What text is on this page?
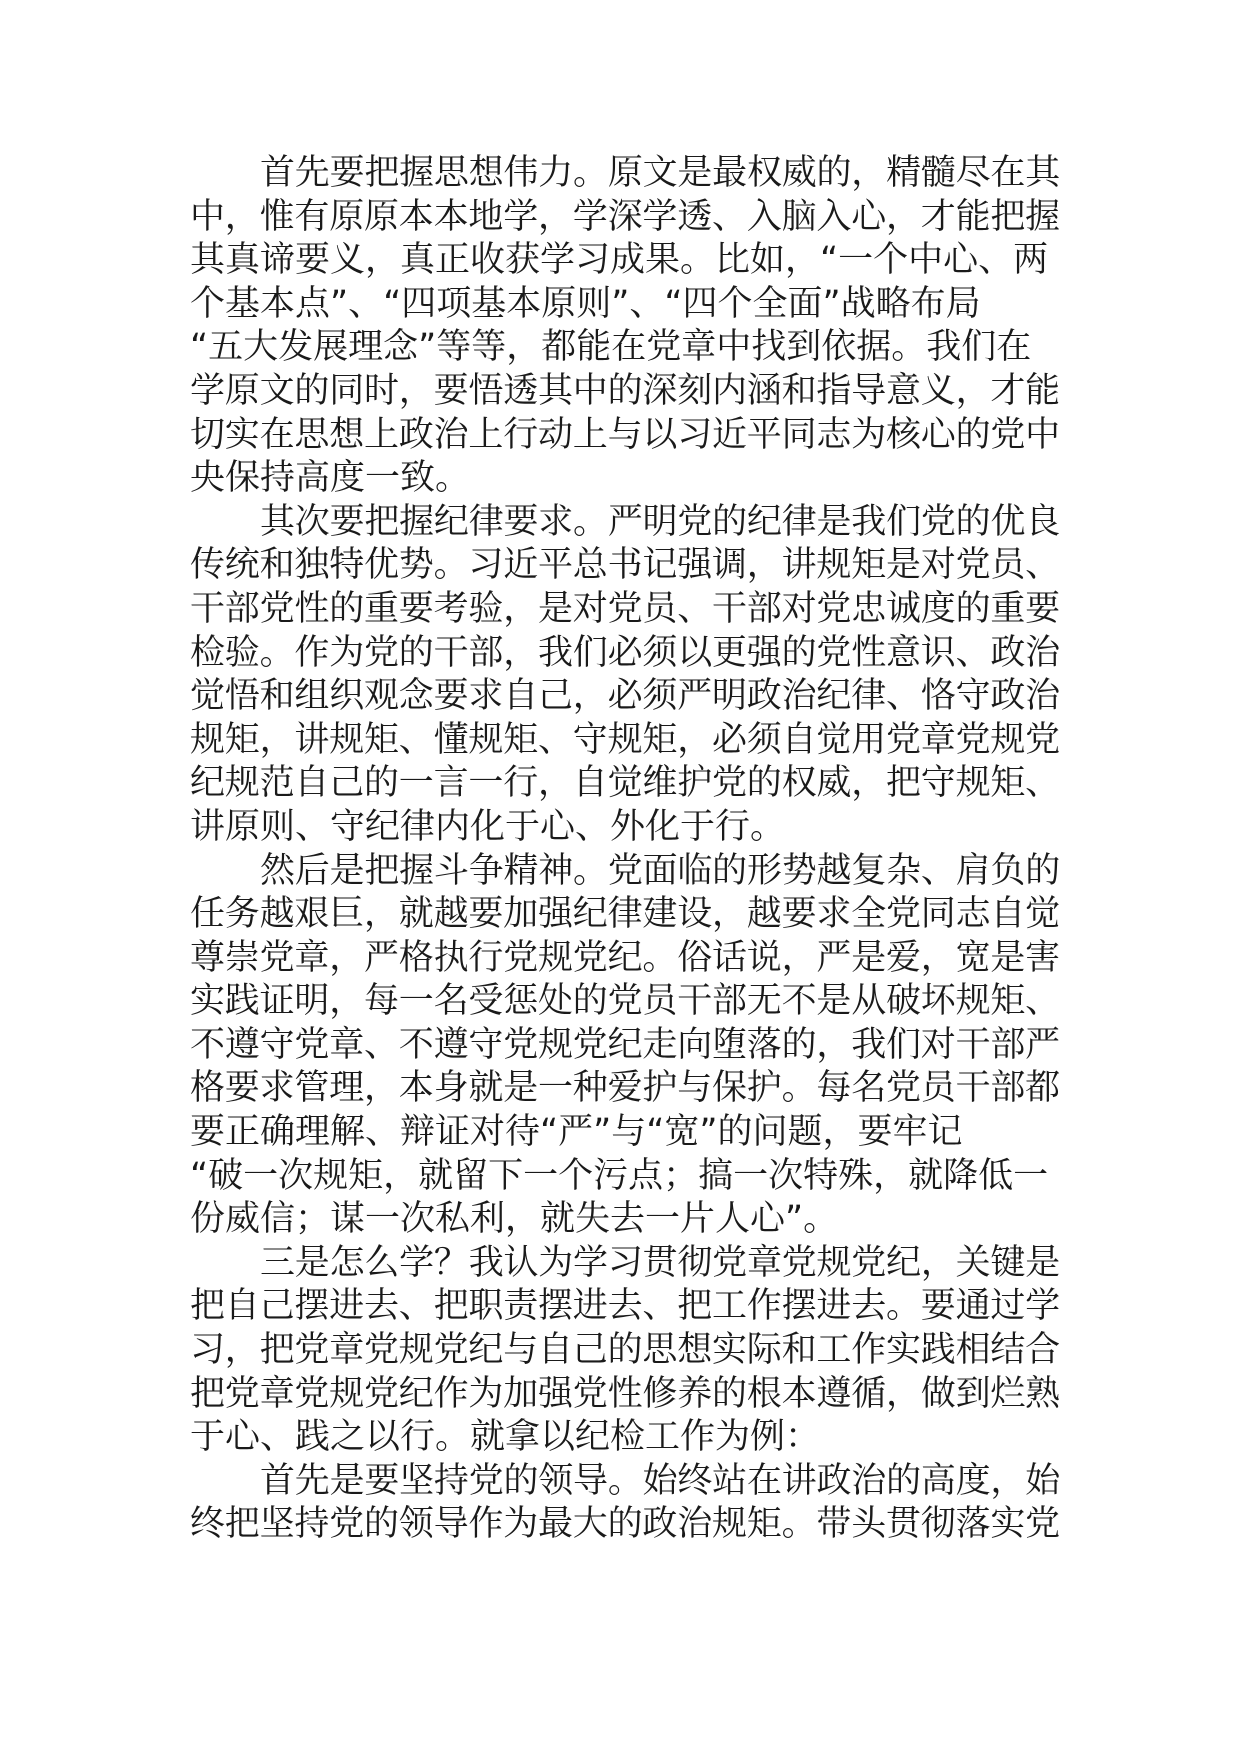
首先要把握思想伟力。原文是最权威的，精髓尽在其
中，惟有原原本本地学，学深学透、入脑入心，才能把握
其真谛要义，真正收获学习成果。比如，“一个中心、两
个基本点”、“四项基本原则”、“四个全面”战略布局
“五大发展理念”等等，都能在党章中找到依据。我们在
学原文的同时，要悟透其中的深刻内涵和指导意义，才能
切实在思想上政治上行动上与以习近平同志为核心的党中
央保持高度一致。
其次要把握纪律要求。严明党的纪律是我们党的优良
传统和独特优势。习近平总书记强调，讲规矩是对党员、
干部党性的重要考验，是对党员、干部对党忠诚度的重要
检验。作为党的干部，我们必须以更强的党性意识、政治
觉悟和组织观念要求自己，必须严明政治纪律、恪守政治
规矩，讲规矩、懂规矩、守规矩，必须自觉用党章党规党
纪规范自己的一言一行，自觉维护党的权威，把守规矩、
讲原则、守纪律内化于心、外化于行。
然后是把握斗争精神。党面临的形势越复杂、肩负的
任务越艰巨，就越要加强纪律建设，越要求全党同志自觉
尊崇党章，严格执行党规党纪。俗话说，严是爱，宽是害
实践证明，每一名受惩处的党员干部无不是从破坏规矩、
不遵守党章、不遵守党规党纪走向堕落的，我们对干部严
格要求管理，本身就是一种爱护与保护。每名党员干部都
要正确理解、辩证对待“严”与“宽”的问题，要牢记
“破一次规矩，就留下一个污点；搞一次特殊，就降低一
份威信；谋一次私利，就失去一片人心”。
三是怎么学？我认为学习贯彻党章党规党纪，关键是
把自己摆进去、把职责摆进去、把工作摆进去。要通过学
习，把党章党规党纪与自己的思想实际和工作实践相结合
把党章党规党纪作为加强党性修养的根本遵循，做到烂熟
于心、践之以行。就拿以纪检工作为例：
首先是要坚持党的领导。始终站在讲政治的高度，始
终把坚持党的领导作为最大的政治规矩。带头贯彻落实党
